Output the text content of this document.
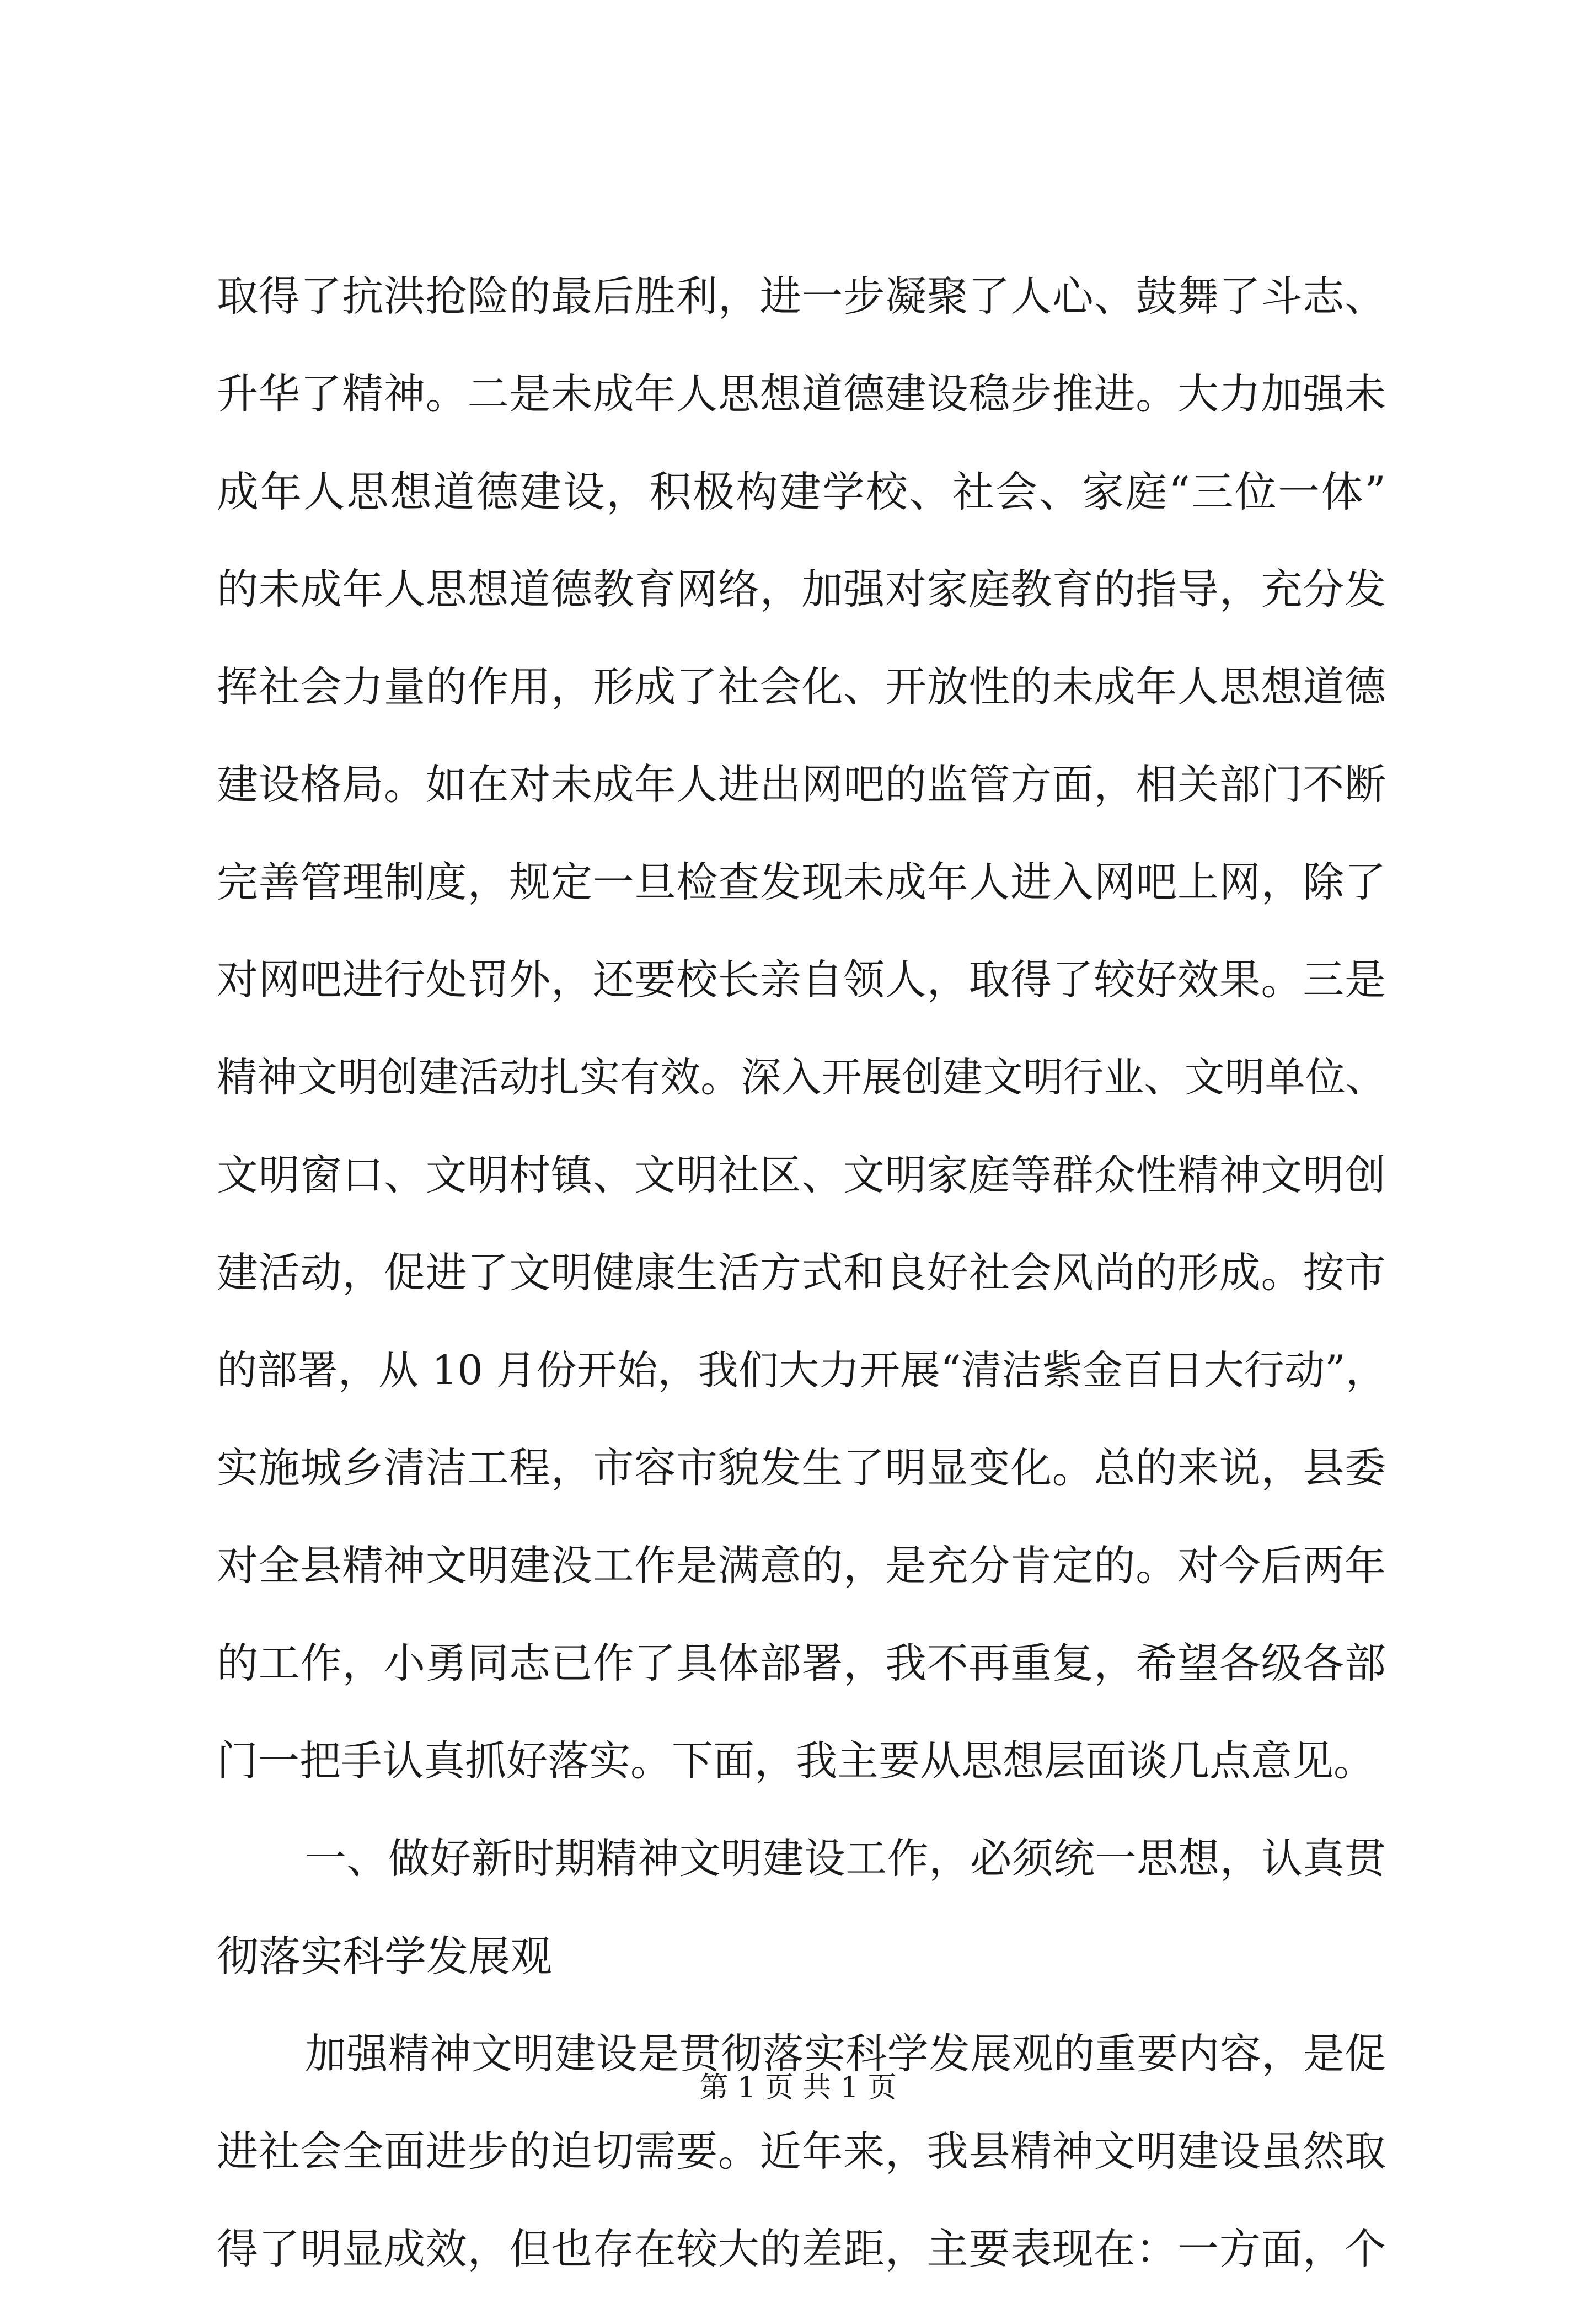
取得了抗洪抢险的最后胜利，进一步凝聚了人心、鼓舞了斗志、
升华了精神。二是未成年人思想道德建设稳步推进。大力加强未
成年人思想道德建设，积极构建学校、社会、家庭“三位一体”
的未成年人思想道德教育网络，加强对家庭教育的指导，充分发
挥社会力量的作用，形成了社会化、开放性的未成年人思想道德
建设格局。如在对未成年人进出网吧的监管方面，相关部门不断
完善管理制度，规定一旦检查发现未成年人进入网吧上网，除了
对网吧进行处罚外，还要校长亲自领人，取得了较好效果。三是
精神文明创建活动扎实有效。深入开展创建文明行业、文明单位、
文明窗口、文明村镇、文明社区、文明家庭等群众性精神文明创
建活动，促进了文明健康生活方式和良好社会风尚的形成。按市
的部署，从 10 月份开始，我们大力开展“清洁紫金百日大行动”，
实施城乡清洁工程，市容市貌发生了明显变化。总的来说，县委
对全县精神文明建没工作是满意的，是充分肯定的。对今后两年
的工作，小勇同志已作了具体部署，我不再重复，希望各级各部
门一把手认真抓好落实。下面，我主要从思想层面谈几点意见。
一、做好新时期精神文明建设工作，必须统一思想，认真贯
彻落实科学发展观
加强精神文明建设是贯彻落实科学发展观的重要内容，是促
进社会全面进步的迫切需要。近年来，我县精神文明建设虽然取
得了明显成效，但也存在较大的差距，主要表现在：一方面，个
第 1 页 共 1 页
